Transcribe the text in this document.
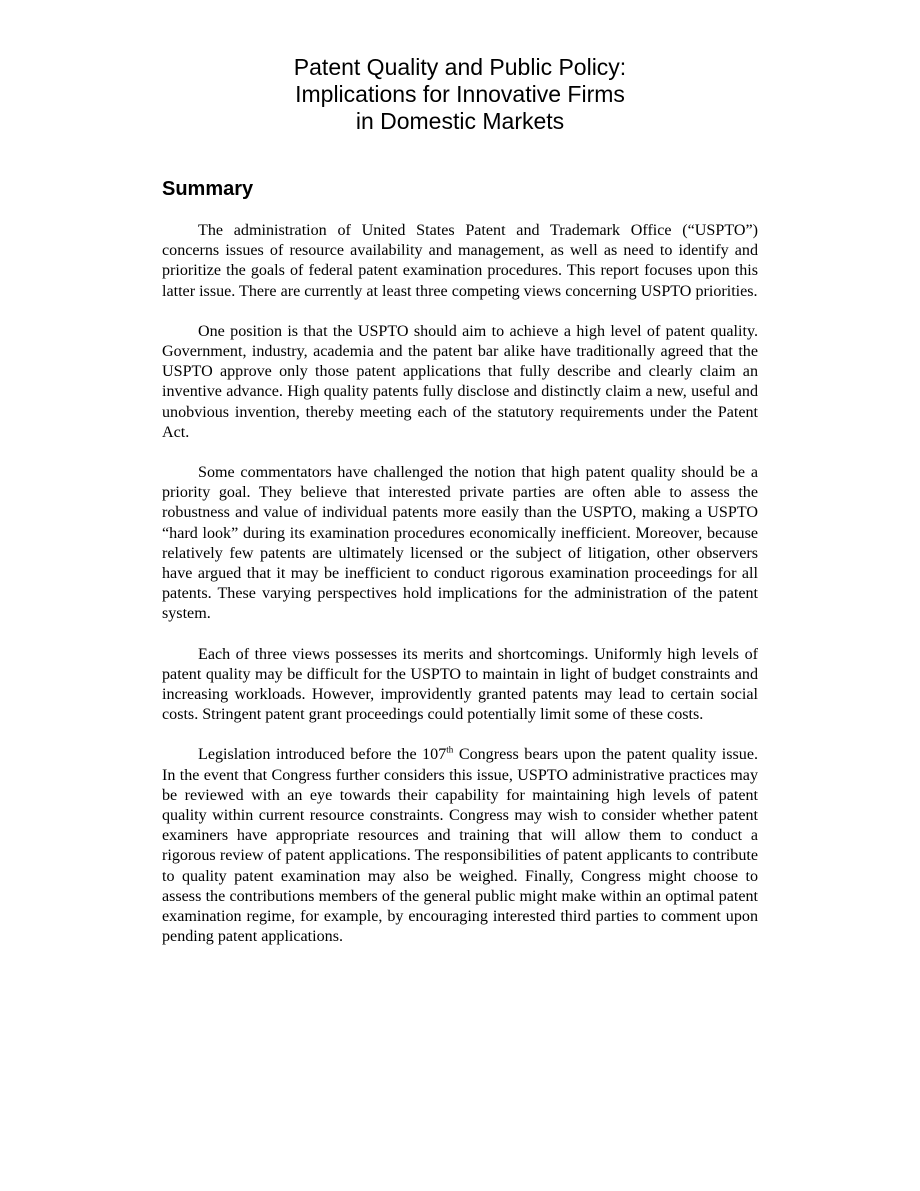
Patent Quality and Public Policy:
Implications for Innovative Firms
in Domestic Markets
Summary

The administration of United States Patent and Trademark Office (“USPTO”) concerns issues of resource availability and management, as well as need to identify and prioritize the goals of federal patent examination procedures. This report focuses upon this latter issue. There are currently at least three competing views concerning USPTO priorities.

One position is that the USPTO should aim to achieve a high level of patent quality. Government, industry, academia and the patent bar alike have traditionally agreed that the USPTO approve only those patent applications that fully describe and clearly claim an inventive advance. High quality patents fully disclose and distinctly claim a new, useful and unobvious invention, thereby meeting each of the statutory requirements under the Patent Act.

Some commentators have challenged the notion that high patent quality should be a priority goal. They believe that interested private parties are often able to assess the robustness and value of individual patents more easily than the USPTO, making a USPTO “hard look” during its examination procedures economically inefficient. Moreover, because relatively few patents are ultimately licensed or the subject of litigation, other observers have argued that it may be inefficient to conduct rigorous examination proceedings for all patents. These varying perspectives hold implications for the administration of the patent system.

Each of three views possesses its merits and shortcomings. Uniformly high levels of patent quality may be difficult for the USPTO to maintain in light of budget constraints and increasing workloads. However, improvidently granted patents may lead to certain social costs. Stringent patent grant proceedings could potentially limit some of these costs.

Legislation introduced before the 107th Congress bears upon the patent quality issue. In the event that Congress further considers this issue, USPTO administrative practices may be reviewed with an eye towards their capability for maintaining high levels of patent quality within current resource constraints. Congress may wish to consider whether patent examiners have appropriate resources and training that will allow them to conduct a rigorous review of patent applications. The responsibilities of patent applicants to contribute to quality patent examination may also be weighed. Finally, Congress might choose to assess the contributions members of the general public might make within an optimal patent examination regime, for example, by encouraging interested third parties to comment upon pending patent applications.
